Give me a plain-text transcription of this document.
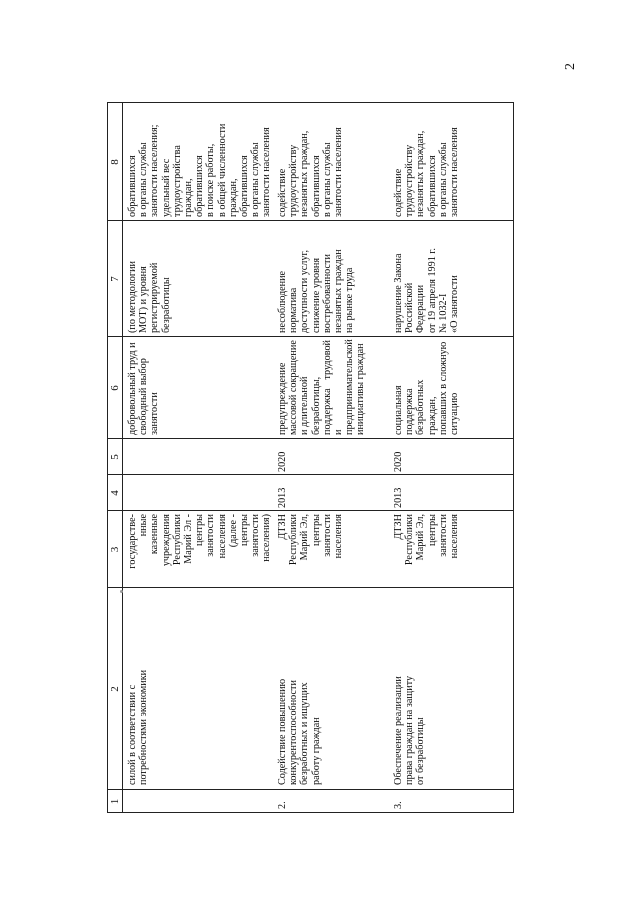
2
1
2
3
4
5
6
7
8
силой в соответствии с потребностями экономики
государстве- нные казенные учреждения Республики Марий Эл - центры занятости населения (далее - центры занятости населения)
добровольный труд и свободный выбор занятости
(по методологии МОТ) и уровня регистрируемой безработицы
обратившихся в органы службы занятости населения; удельный вес трудоустройства граждан, обратившихся в поиске работы, в общей численности граждан, обратившихся в органы службы занятости населения
2.
Содействие повышению конкурентоспособности безработных и ищущих работу граждан
ДТЗН Республики Марий Эл, центры занятости населения
2013
2020
предупреждение массовой сокращение и длительной безработицы, поддержка трудовой и предпринимательской инициативы граждан
несоблюдение норматива доступности услуг, снижение уровня востребованности незанятых граждан на рынке труда
содействие трудоустройству незанятых граждан, обратившихся в органы службы занятости населения
3.
Обеспечение реализации права граждан на защиту от безработицы
ДТЗН Республики Марий Эл, центры занятости населения
2013
2020
социальная поддержка безработных граждан, попавших в сложную ситуацию
нарушение Закона Российской Федерации от 19 апреля 1991 г. № 1032-I «О занятости
содействие трудоустройству незанятых граждан, обратившихся в органы службы занятости населения
